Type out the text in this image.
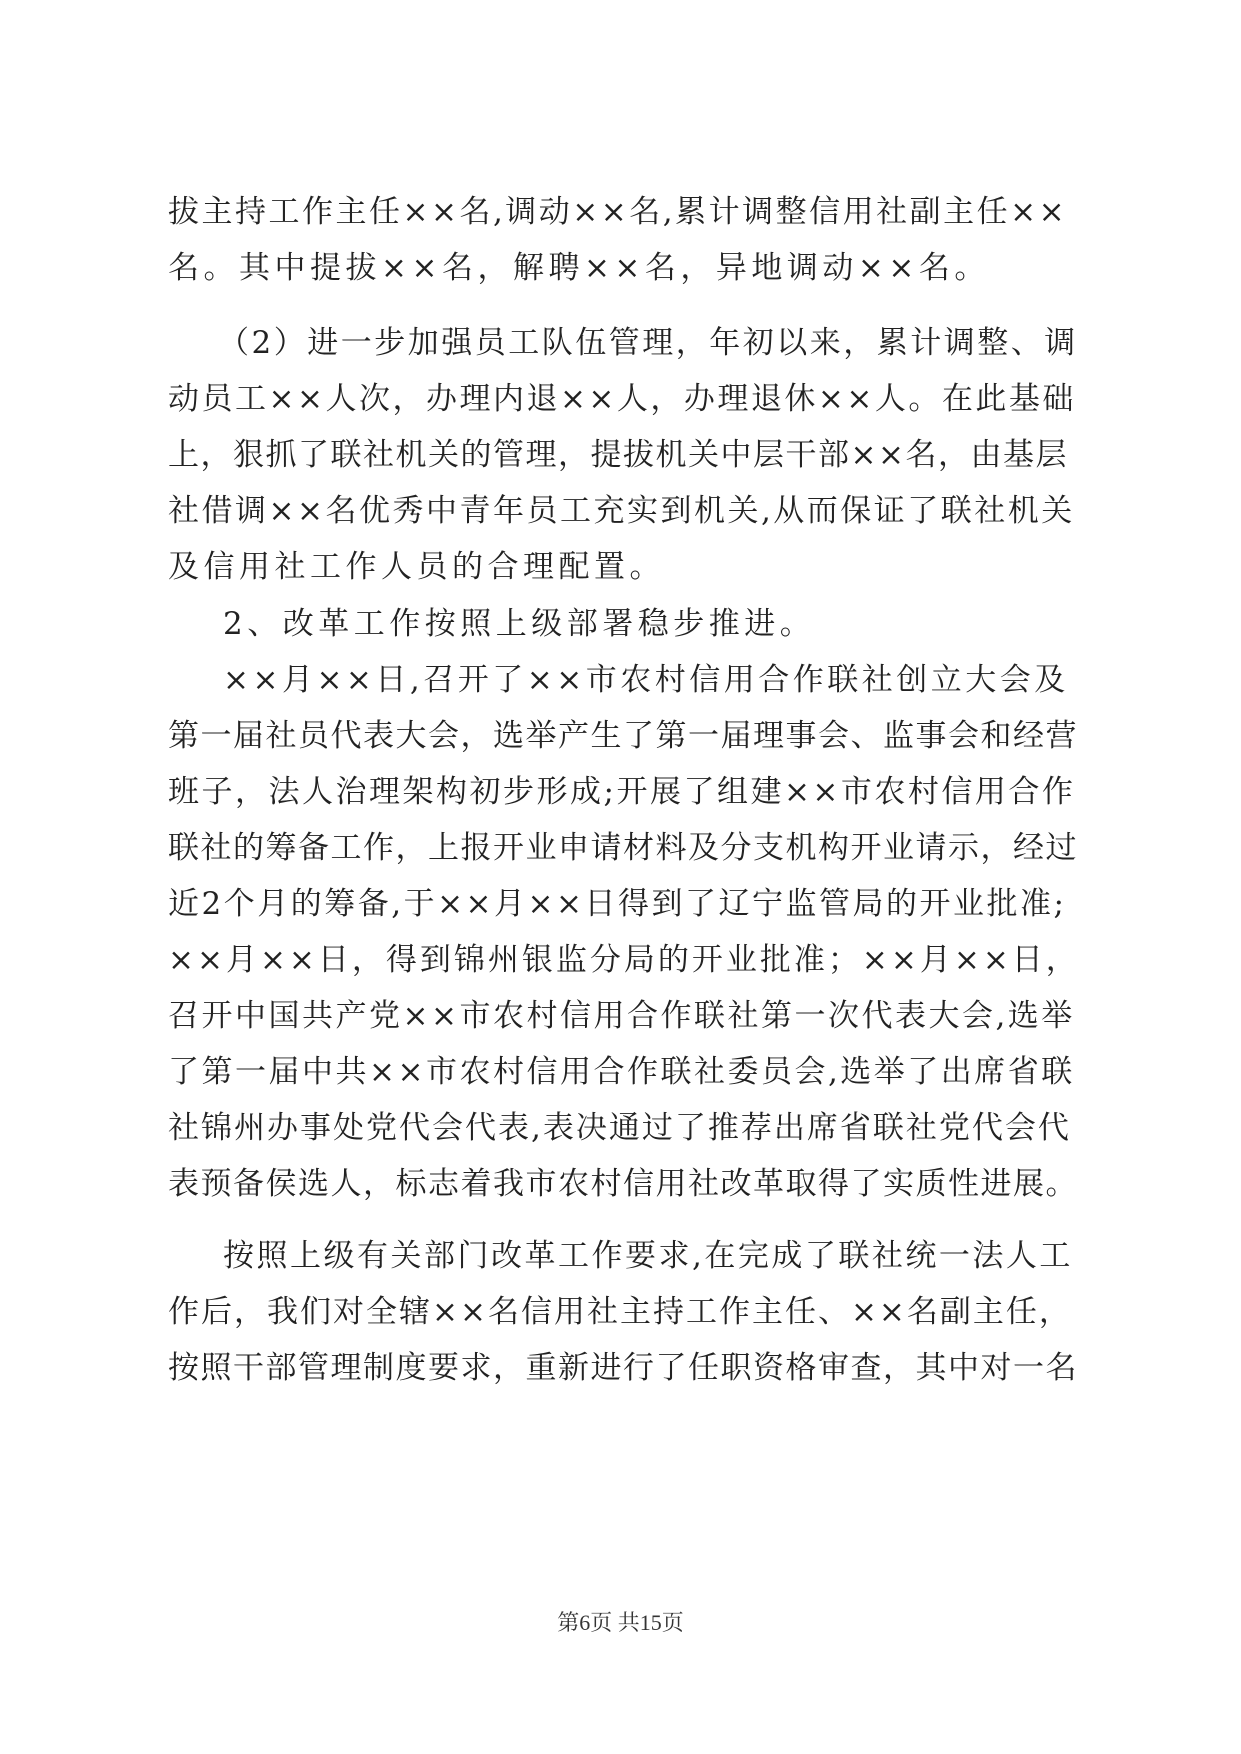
拔主持工作主任××名,调动××名,累计调整信用社副主任××
名。其中提拔××名，解聘××名，异地调动××名。
（2）进一步加强员工队伍管理，年初以来，累计调整、调
动员工××人次，办理内退××人，办理退休××人。在此基础
上，狠抓了联社机关的管理，提拔机关中层干部××名，由基层
社借调××名优秀中青年员工充实到机关,从而保证了联社机关
及信用社工作人员的合理配置。
2、改革工作按照上级部署稳步推进。
××月××日,召开了××市农村信用合作联社创立大会及
第一届社员代表大会，选举产生了第一届理事会、监事会和经营
班子，法人治理架构初步形成;开展了组建××市农村信用合作
联社的筹备工作，上报开业申请材料及分支机构开业请示，经过
近2个月的筹备,于××月××日得到了辽宁监管局的开业批准;
××月××日，得到锦州银监分局的开业批准；××月××日，
召开中国共产党××市农村信用合作联社第一次代表大会,选举
了第一届中共××市农村信用合作联社委员会,选举了出席省联
社锦州办事处党代会代表,表决通过了推荐出席省联社党代会代
表预备侯选人，标志着我市农村信用社改革取得了实质性进展。
按照上级有关部门改革工作要求,在完成了联社统一法人工
作后，我们对全辖××名信用社主持工作主任、××名副主任，
按照干部管理制度要求，重新进行了任职资格审查，其中对一名
第6页 共15页
